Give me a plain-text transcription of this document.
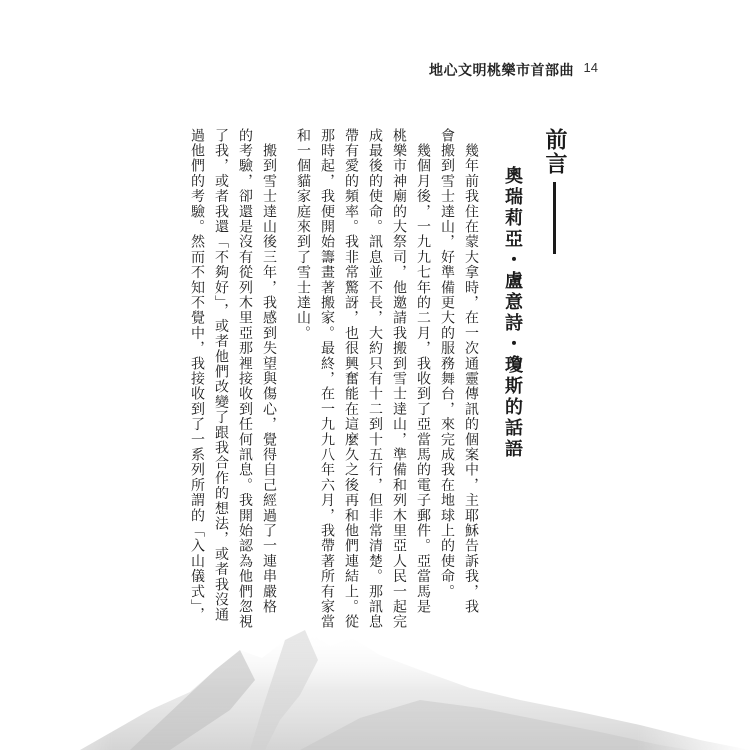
地心文明桃樂市首部曲 14
前言
奧瑞莉亞・盧意詩・瓊斯的話語
　幾年前我住在蒙大拿時，在一次通靈傳訊的個案中，主耶穌告訴我，我
會搬到雪士達山，好準備更大的服務舞台，來完成我在地球上的使命。
　幾個月後，一九九七年的二月，我收到了亞當馬的電子郵件。亞當馬是
桃樂市神廟的大祭司，他邀請我搬到雪士達山，準備和列木里亞人民一起完
成最後的使命。訊息並不長，大約只有十二到十五行，但非常清楚。那訊息
帶有愛的頻率。我非常驚訝，也很興奮能在這麼久之後再和他們連結上。從
那時起，我便開始籌畫著搬家。最終，在一九九八年六月，我帶著所有家當
和一個貓家庭來到了雪士達山。
　搬到雪士達山後三年，我感到失望與傷心，覺得自己經過了一連串嚴格
的考驗，卻還是沒有從列木里亞那裡接收到任何訊息。我開始認為他們忽視
了我，或者我還「不夠好」，或者他們改變了跟我合作的想法，或者我沒通
過他們的考驗。然而不知不覺中，我接收到了一系列所謂的「入山儀式」，
